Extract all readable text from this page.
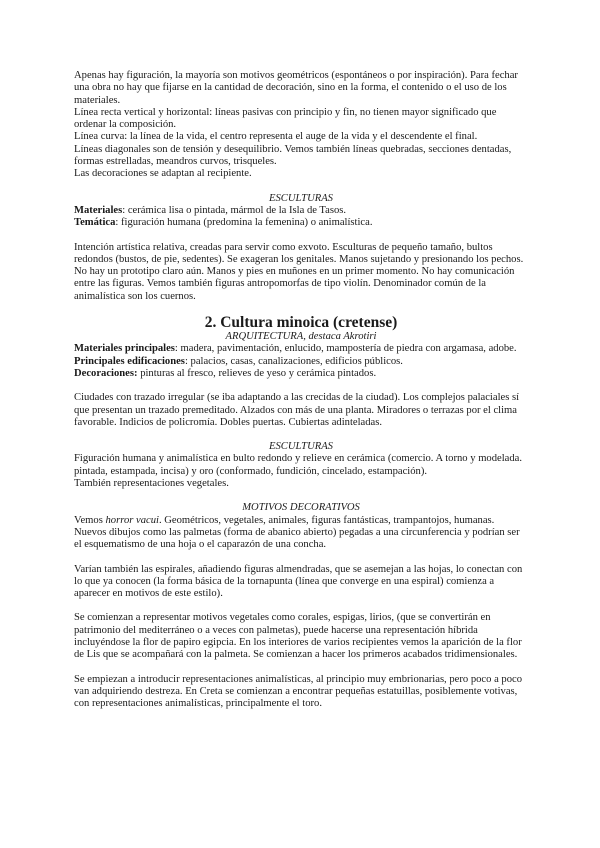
Apenas hay figuración, la mayoría son motivos geométricos (espontáneos o por inspiración). Para fechar una obra no hay que fijarse en la cantidad de decoración, sino en la forma, el contenido o el uso de los materiales.

Línea recta vertical y horizontal: líneas pasivas con principio y fin, no tienen mayor significado que ordenar la composición.

Línea curva: la línea de la vida, el centro representa el auge de la vida y el descendente el final.

Líneas diagonales son de tensión y desequilibrio. Vemos también líneas quebradas, secciones dentadas, formas estrelladas, meandros curvos, trisqueles.

Las decoraciones se adaptan al recipiente.

ESCULTURAS

Materiales: cerámica lisa o pintada, mármol de la Isla de Tasos.

Temática: figuración humana (predomina la femenina) o animalística.

Intención artística relativa, creadas para servir como exvoto. Esculturas de pequeño tamaño, bultos redondos (bustos, de pie, sedentes). Se exageran los genitales. Manos sujetando y presionando los pechos. No hay un prototipo claro aún. Manos y pies en muñones en un primer momento. No hay comunicación entre las figuras. Vemos también figuras antropomorfas de tipo violín. Denominador común de la animalística son los cuernos.

2. Cultura minoica (cretense)

ARQUITECTURA, destaca Akrotiri

Materiales principales: madera, pavimentación, enlucido, mampostería de piedra con argamasa, adobe.

Principales edificaciones: palacios, casas, canalizaciones, edificios públicos.

Decoraciones: pinturas al fresco, relieves de yeso y cerámica pintados.

Ciudades con trazado irregular (se iba adaptando a las crecidas de la ciudad). Los complejos palaciales sí que presentan un trazado premeditado. Alzados con más de una planta. Miradores o terrazas por el clima favorable. Indicios de policromía. Dobles puertas. Cubiertas adinteladas.

ESCULTURAS

Figuración humana y animalística en bulto redondo y relieve en cerámica (comercio. A torno y modelada. pintada, estampada, incisa) y oro (conformado, fundición, cincelado, estampación).

También representaciones vegetales.

MOTIVOS DECORATIVOS

Vemos horror vacui. Geométricos, vegetales, animales, figuras fantásticas, trampantojos, humanas. Nuevos dibujos como las palmetas (forma de abanico abierto) pegadas a una circunferencia y podrían ser el esquematismo de una hoja o el caparazón de una concha.

Varían también las espirales, añadiendo figuras almendradas, que se asemejan a las hojas, lo conectan con lo que ya conocen (la forma básica de la tornapunta (línea que converge en una espiral) comienza a aparecer en motivos de este estilo).

Se comienzan a representar motivos vegetales como corales, espigas, lirios, (que se convertirán en patrimonio del mediterráneo o a veces con palmetas), puede hacerse una representación híbrida incluyéndose la flor de papiro egipcia. En los interiores de varios recipientes vemos la aparición de la flor de Lis que se acompañará con la palmeta. Se comienzan a hacer los primeros acabados tridimensionales.

Se empiezan a introducir representaciones animalísticas, al principio muy embrionarias, pero poco a poco van adquiriendo destreza. En Creta se comienzan a encontrar pequeñas estatuillas, posiblemente votivas, con representaciones animalísticas, principalmente el toro.
